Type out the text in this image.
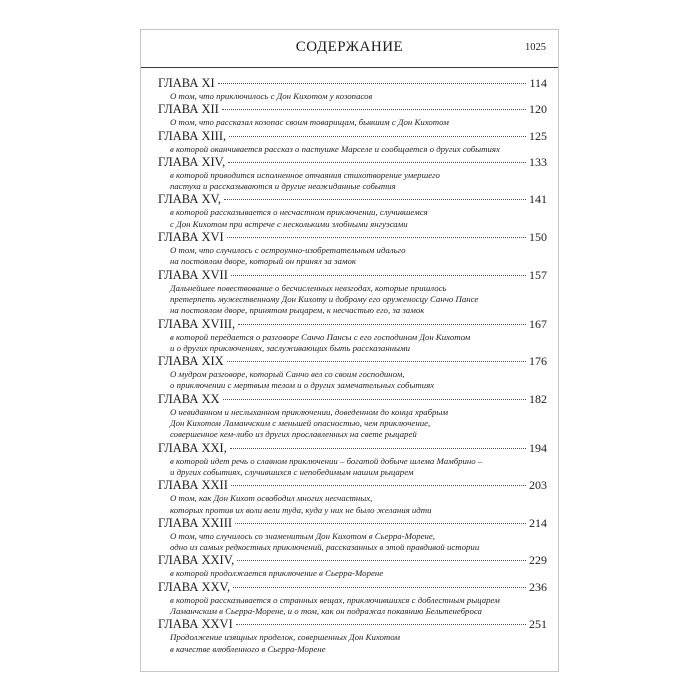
СОДЕРЖАНИЕ	1025
ГЛАВА XI	114
О том, что приключилось с Дон Кихотом у козопасов
ГЛАВА XII	120
О том, что рассказал козопас своим товарищам, бывшим с Дон Кихотом
ГЛАВА XIII,	125
в которой оканчивается рассказ о пастушке Марселе и сообщается о других событиях
ГЛАВА XIV,	133
в которой приводится исполненное отчаяния стихотворение умершего
пастуха и рассказываются и другие неожиданные события
ГЛАВА XV,	141
в которой рассказывается о несчастном приключении, случившемся
с Дон Кихотом при встрече с несколькими злобными янгуэсами
ГЛАВА XVI	150
О том, что случилось с остроумно-изобретательным идальго
на постоялом дворе, который он принял за замок
ГЛАВА XVII	157
Дальнейшее повествование о бесчисленных невзгодах, которые пришлось
претерпеть мужественному Дон Кихоту и доброму его оруженосцу Санчо Пансе
на постоялом дворе, принятом рыцарем, к несчастью его, за замок
ГЛАВА XVIII,	167
в которой передается о разговоре Санчо Пансы с его господином Дон Кихотом
и о других приключениях, заслуживающих быть рассказанными
ГЛАВА XIX	176
О мудром разговоре, который Санчо вел со своим господином,
о приключении с мертвым телом и о других замечательных событиях
ГЛАВА XX	182
О невиданном и неслыханном приключении, доведенном до конца храбрым
Дон Кихотом Ламанчским с меньшей опасностью, чем приключение,
совершенное кем-либо из других прославленных на свете рыцарей
ГЛАВА XXI,	194
в которой идет речь о славном приключении – богатой добыче шлема Мамбрино –
и других событиях, случившихся с непобедимым нашим рыцарем
ГЛАВА XXII	203
О том, как Дон Кихот освободил многих несчастных,
которых против их воли вели туда, куда у них не было желания идти
ГЛАВА XXIII	214
О том, что случилось со знаменитым Дон Кихотом в Сьерра-Морене,
одно из самых редкостных приключений, рассказанных в этой правдивой истории
ГЛАВА XXIV,	229
в которой продолжается приключение в Сьерра-Морене
ГЛАВА XXV,	236
в которой рассказывается о странных вещах, приключившихся с доблестным рыцарем
Ламанчским в Сьерра-Морене, и о том, как он подражал покаянию Бельтенеброса
ГЛАВА XXVI	251
Продолжение изящных проделок, совершенных Дон Кихотом
в качестве влюбленного в Сьерра-Морене
